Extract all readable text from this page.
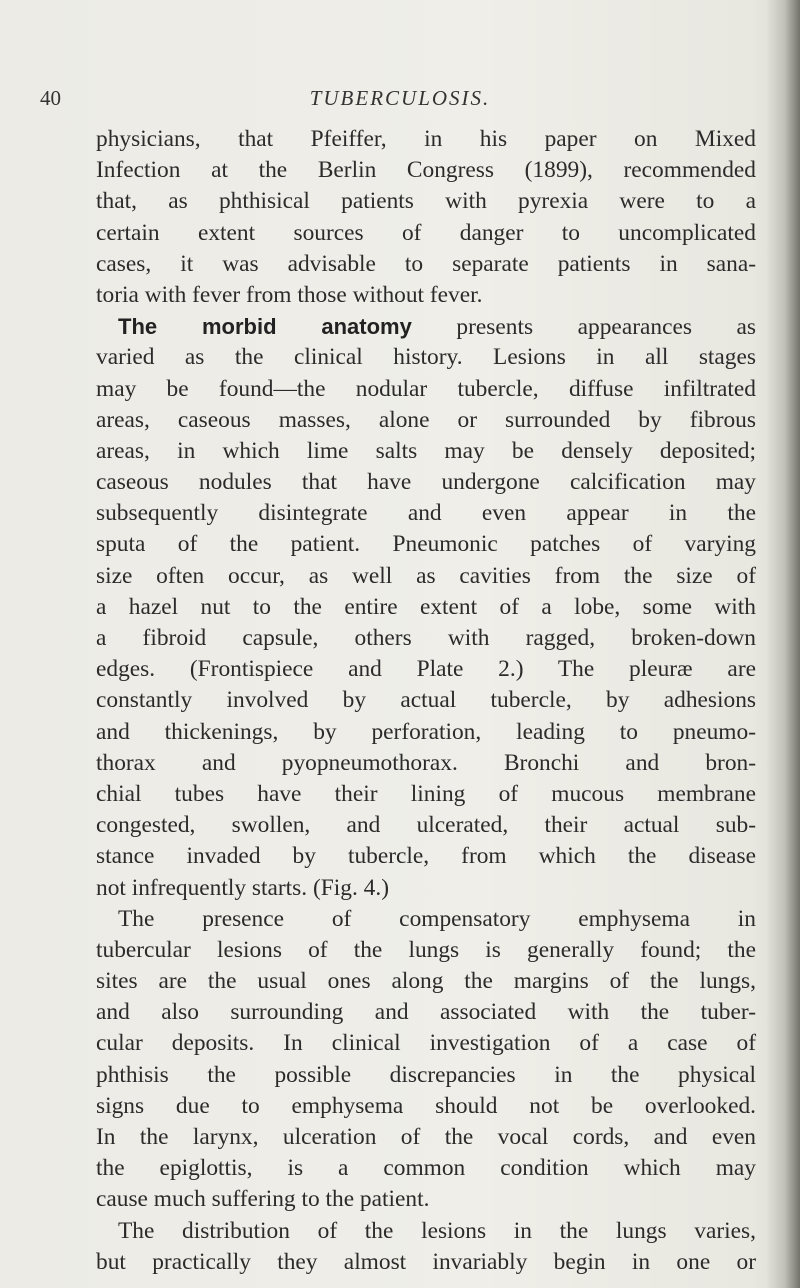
40	TUBERCULOSIS.
physicians, that Pfeiffer, in his paper on Mixed
Infection at the Berlin Congress (1899), recommended
that, as phthisical patients with pyrexia were to a
certain extent sources of danger to uncomplicated
cases, it was advisable to separate patients in sana-
toria with fever from those without fever.
The morbid anatomy presents appearances as
varied as the clinical history. Lesions in all stages
may be found—the nodular tubercle, diffuse infiltrated
areas, caseous masses, alone or surrounded by fibrous
areas, in which lime salts may be densely deposited;
caseous nodules that have undergone calcification may
subsequently disintegrate and even appear in the
sputa of the patient. Pneumonic patches of varying
size often occur, as well as cavities from the size of
a hazel nut to the entire extent of a lobe, some with
a fibroid capsule, others with ragged, broken-down
edges. (Frontispiece and Plate 2.) The pleuræ are
constantly involved by actual tubercle, by adhesions
and thickenings, by perforation, leading to pneumo-
thorax and pyopneumothorax. Bronchi and bron-
chial tubes have their lining of mucous membrane
congested, swollen, and ulcerated, their actual sub-
stance invaded by tubercle, from which the disease
not infrequently starts. (Fig. 4.)
The presence of compensatory emphysema in
tubercular lesions of the lungs is generally found; the
sites are the usual ones along the margins of the lungs,
and also surrounding and associated with the tuber-
cular deposits. In clinical investigation of a case of
phthisis the possible discrepancies in the physical
signs due to emphysema should not be overlooked.
In the larynx, ulceration of the vocal cords, and even
the epiglottis, is a common condition which may
cause much suffering to the patient.
The distribution of the lesions in the lungs varies,
but practically they almost invariably begin in one or
